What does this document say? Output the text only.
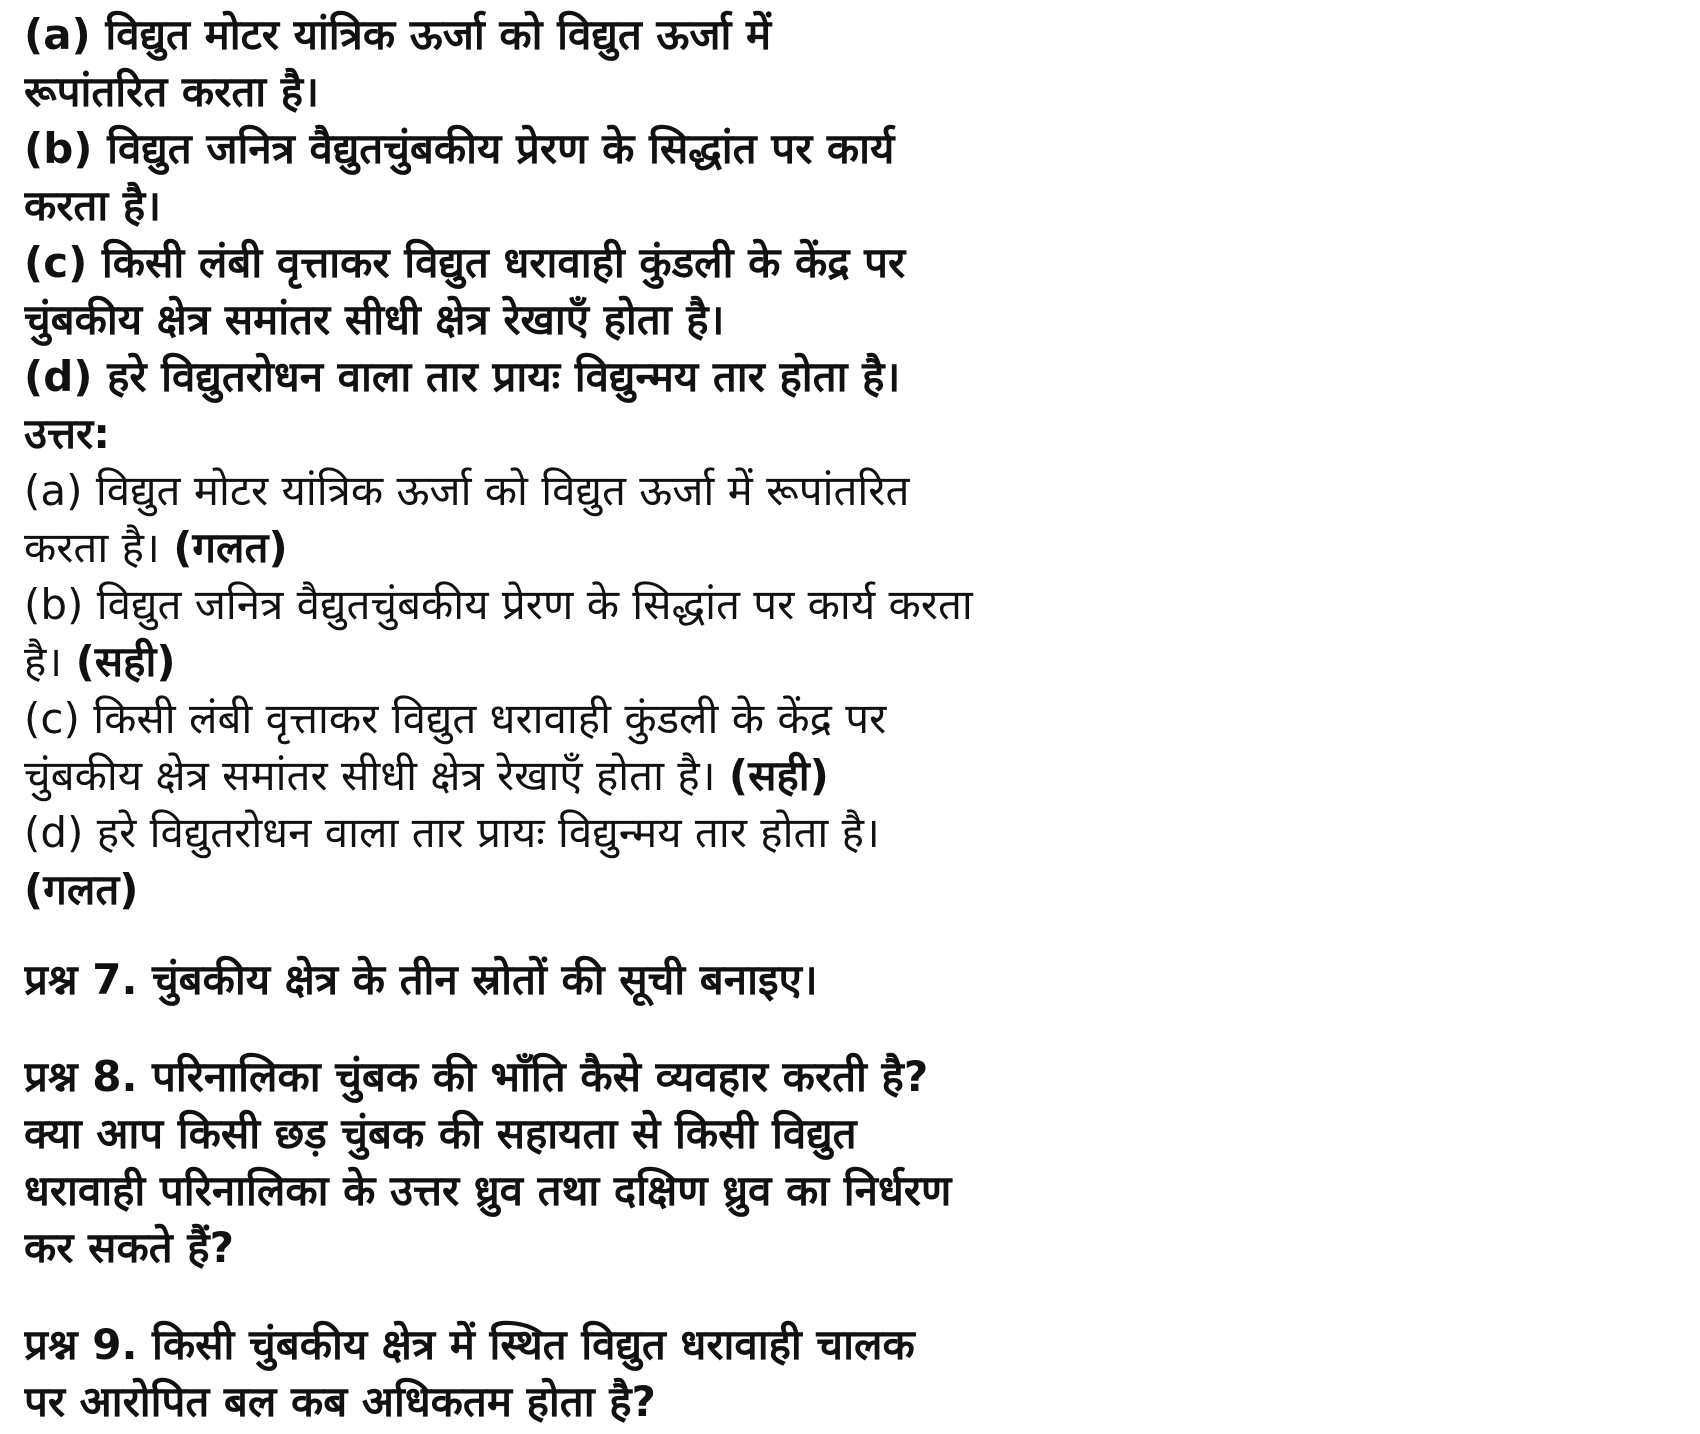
(a) विद्युत मोटर यांत्रिक ऊर्जा को विद्युत ऊर्जा में
रूपांतरित करता है।
(b) विद्युत जनित्र वैद्युतचुंबकीय प्रेरण के सिद्धांत पर कार्य
करता है।
(c) किसी लंबी वृत्ताकर विद्युत धरावाही कुंडली के केंद्र पर
चुंबकीय क्षेत्र समांतर सीधी क्षेत्र रेखाएँ होता है।
(d) हरे विद्युतरोधन वाला तार प्रायः विद्युन्मय तार होता है।
उत्तर:
(a) विद्युत मोटर यांत्रिक ऊर्जा को विद्युत ऊर्जा में रूपांतरित
करता है। (गलत)
(b) विद्युत जनित्र वैद्युतचुंबकीय प्रेरण के सिद्धांत पर कार्य करता
है। (सही)
(c) किसी लंबी वृत्ताकर विद्युत धरावाही कुंडली के केंद्र पर
चुंबकीय क्षेत्र समांतर सीधी क्षेत्र रेखाएँ होता है। (सही)
(d) हरे विद्युतरोधन वाला तार प्रायः विद्युन्मय तार होता है।
(गलत)
प्रश्न 7. चुंबकीय क्षेत्र के तीन स्रोतों की सूची बनाइए।
प्रश्न 8. परिनालिका चुंबक की भाँति कैसे व्यवहार करती है?
क्या आप किसी छड़ चुंबक की सहायता से किसी विद्युत
धरावाही परिनालिका के उत्तर ध्रुव तथा दक्षिण ध्रुव का निर्धरण
कर सकते हैं?
प्रश्न 9. किसी चुंबकीय क्षेत्र में स्थित विद्युत धरावाही चालक
पर आरोपित बल कब अधिकतम होता है?
